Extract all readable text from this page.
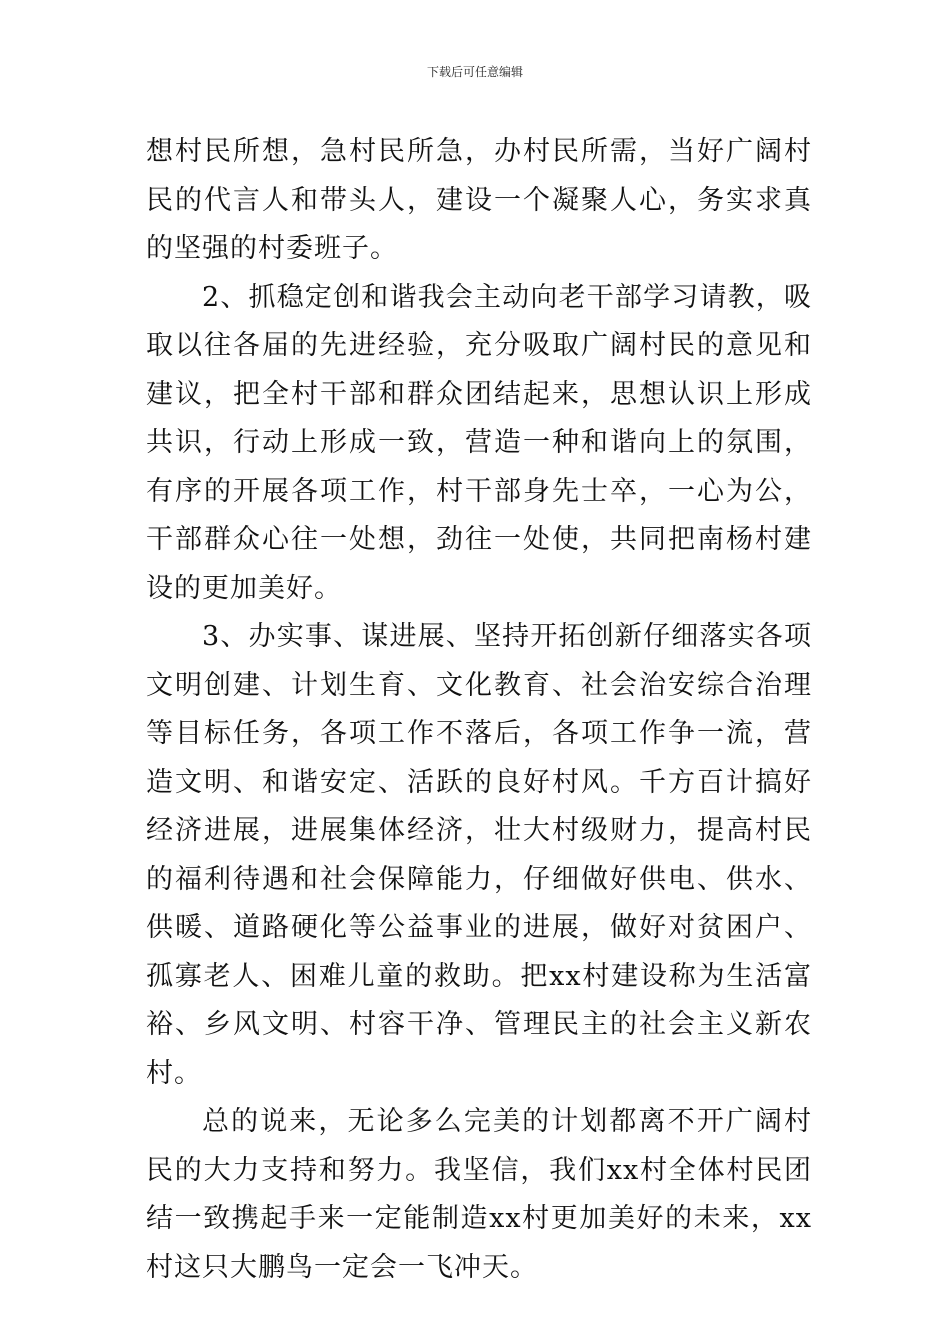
下载后可任意编辑

想村民所想，急村民所急，办村民所需，当好广阔村民的代言人和带头人，建设一个凝聚人心，务实求真的坚强的村委班子。

2、抓稳定创和谐我会主动向老干部学习请教，吸取以往各届的先进经验，充分吸取广阔村民的意见和建议，把全村干部和群众团结起来，思想认识上形成共识，行动上形成一致，营造一种和谐向上的氛围，有序的开展各项工作，村干部身先士卒，一心为公，干部群众心往一处想，劲往一处使，共同把南杨村建设的更加美好。

3、办实事、谋进展、坚持开拓创新仔细落实各项文明创建、计划生育、文化教育、社会治安综合治理等目标任务，各项工作不落后，各项工作争一流，营造文明、和谐安定、活跃的良好村风。千方百计搞好经济进展，进展集体经济，壮大村级财力，提高村民的福利待遇和社会保障能力，仔细做好供电、供水、供暖、道路硬化等公益事业的进展，做好对贫困户、孤寡老人、困难儿童的救助。把xx村建设称为生活富裕、乡风文明、村容干净、管理民主的社会主义新农村。

总的说来，无论多么完美的计划都离不开广阔村民的大力支持和努力。我坚信，我们xx村全体村民团结一致携起手来一定能制造xx村更加美好的未来，xx村这只大鹏鸟一定会一飞冲天。
